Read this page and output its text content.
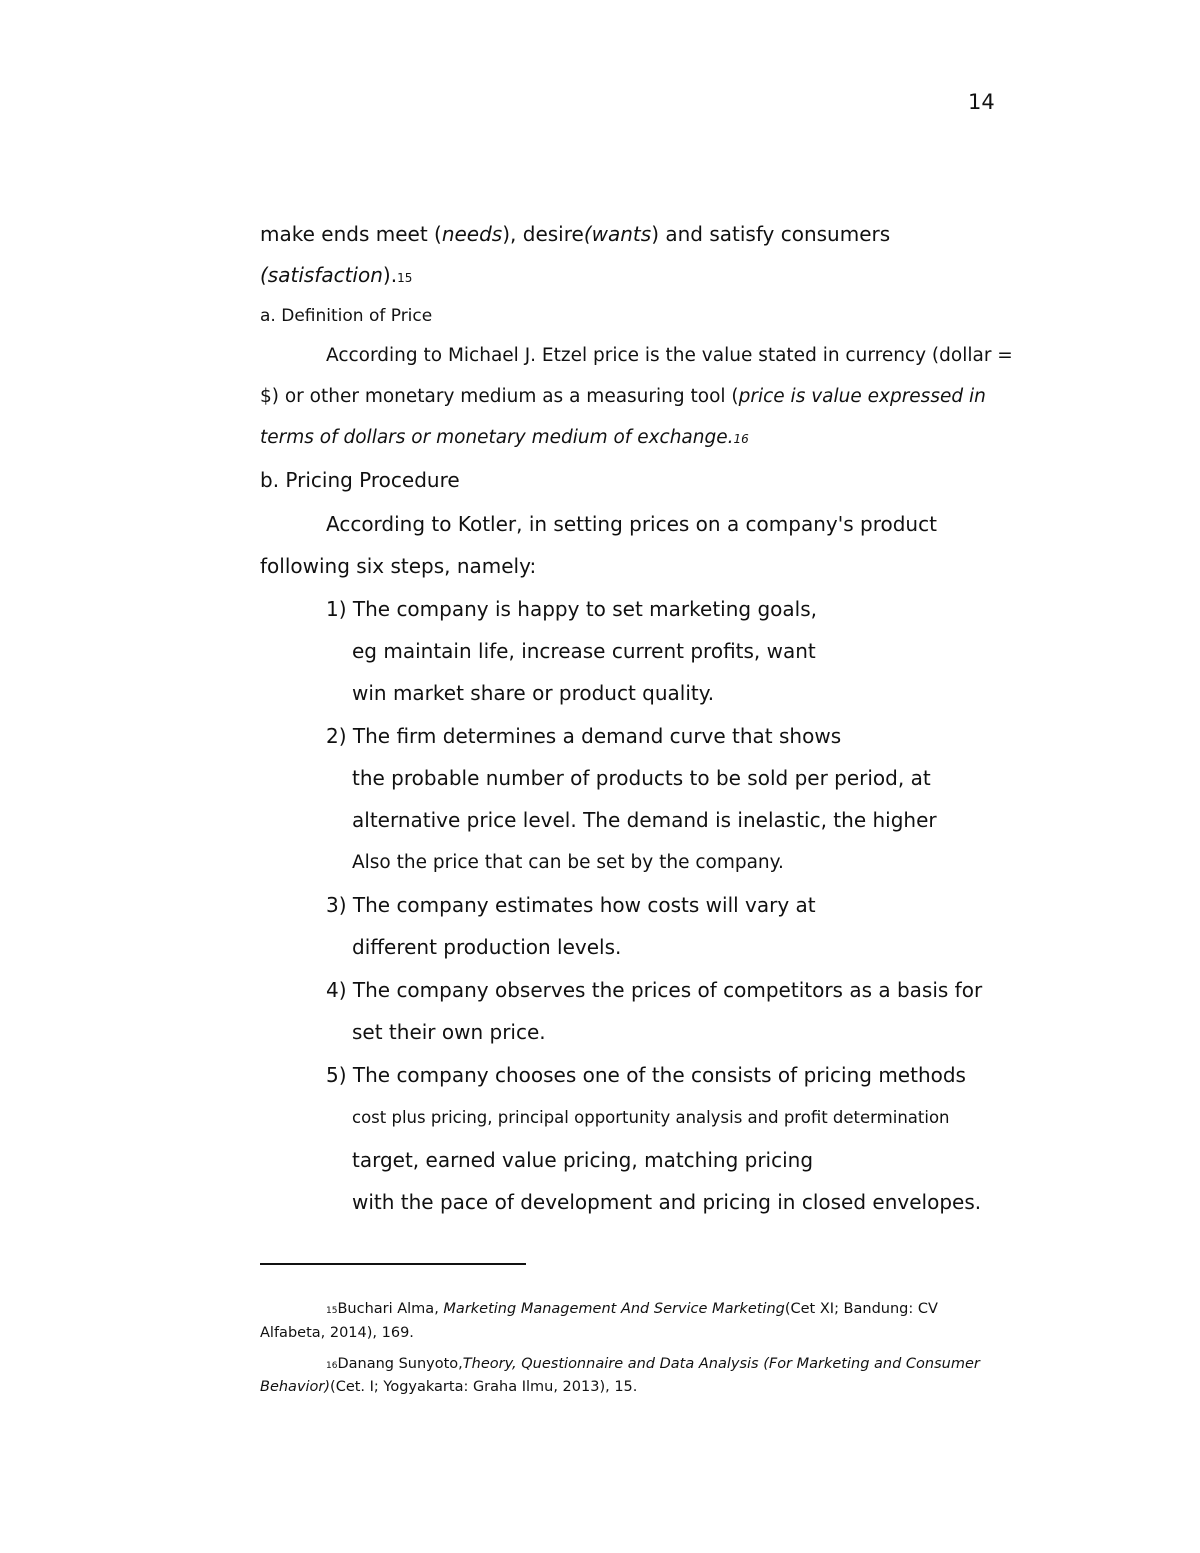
14
make ends meet (needs), desire(wants) and satisfy consumers
(satisfaction).15
a. Definition of Price
According to Michael J. Etzel price is the value stated in currency (dollar =
$) or other monetary medium as a measuring tool (price is value expressed in
terms of dollars or monetary medium of exchange.16
b. Pricing Procedure
According to Kotler, in setting prices on a company's product
following six steps, namely:
1) The company is happy to set marketing goals,
eg maintain life, increase current profits, want
win market share or product quality.
2) The firm determines a demand curve that shows
the probable number of products to be sold per period, at
alternative price level. The demand is inelastic, the higher
Also the price that can be set by the company.
3) The company estimates how costs will vary at
different production levels.
4) The company observes the prices of competitors as a basis for
set their own price.
5) The company chooses one of the consists of pricing methods
cost plus pricing, principal opportunity analysis and profit determination
target, earned value pricing, matching pricing
with the pace of development and pricing in closed envelopes.
15Buchari Alma, Marketing Management And Service Marketing(Cet XI; Bandung: CV
Alfabeta, 2014), 169.
16Danang Sunyoto,Theory, Questionnaire and Data Analysis (For Marketing and Consumer
Behavior)(Cet. I; Yogyakarta: Graha Ilmu, 2013), 15.
